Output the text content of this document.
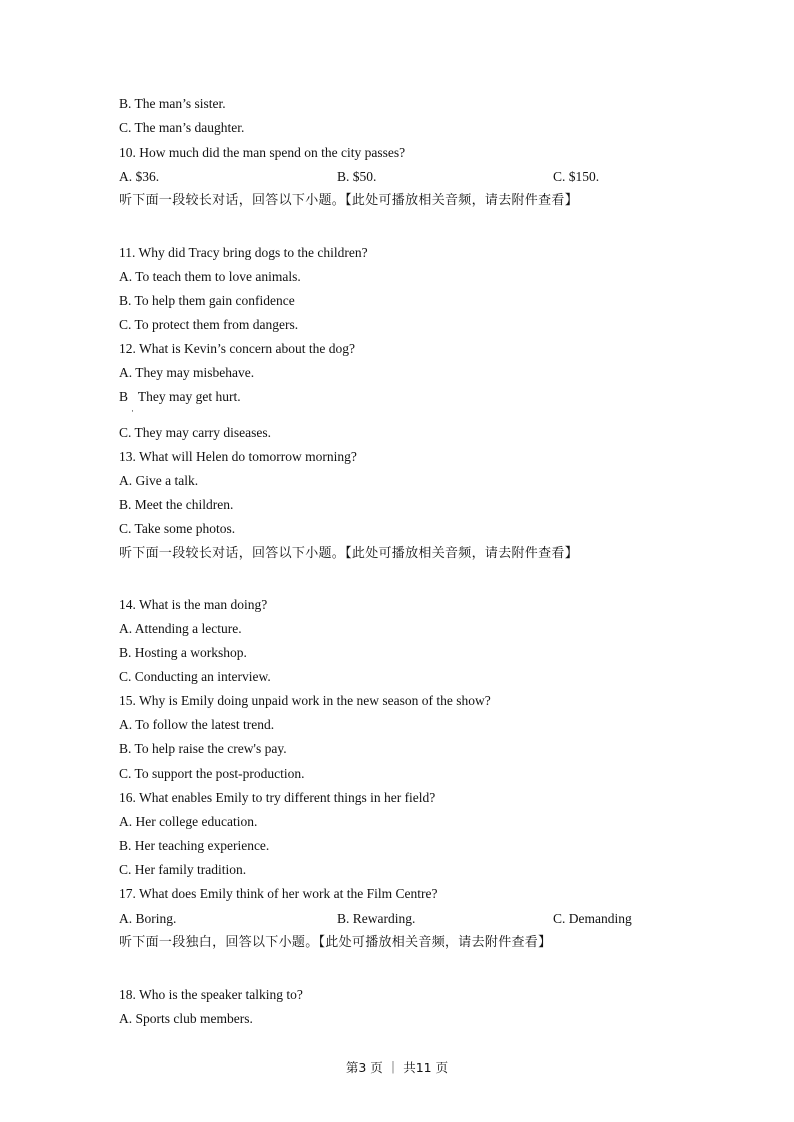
B. The man’s sister.
C. The man’s daughter.
10. How much did the man spend on the city passes?
A. $36.	B. $50.	C. $150.
听下面一段较长对话，回答以下小题。【此处可播放相关音频，请去附件查看】
11. Why did Tracy bring dogs to the children?
A. To teach them to love animals.
B. To help them gain confidence
C. To protect them from dangers.
12. What is Kevin’s concern about the dog?
A. They may misbehave.
B   They may get hurt.
·
C. They may carry diseases.
13. What will Helen do tomorrow morning?
A. Give a talk.
B. Meet the children.
C. Take some photos.
听下面一段较长对话，回答以下小题。【此处可播放相关音频，请去附件查看】
14. What is the man doing?
A. Attending a lecture.
B. Hosting a workshop.
C. Conducting an interview.
15. Why is Emily doing unpaid work in the new season of the show?
A. To follow the latest trend.
B. To help raise the crew's pay.
C. To support the post-production.
16. What enables Emily to try different things in her field?
A. Her college education.
B. Her teaching experience.
C. Her family tradition.
17. What does Emily think of her work at the Film Centre?
A. Boring.	B. Rewarding.	C. Demanding
听下面一段独白，回答以下小题。【此处可播放相关音频，请去附件查看】
18. Who is the speaker talking to?
A. Sports club members.
第3 页 ｜ 共11 页
